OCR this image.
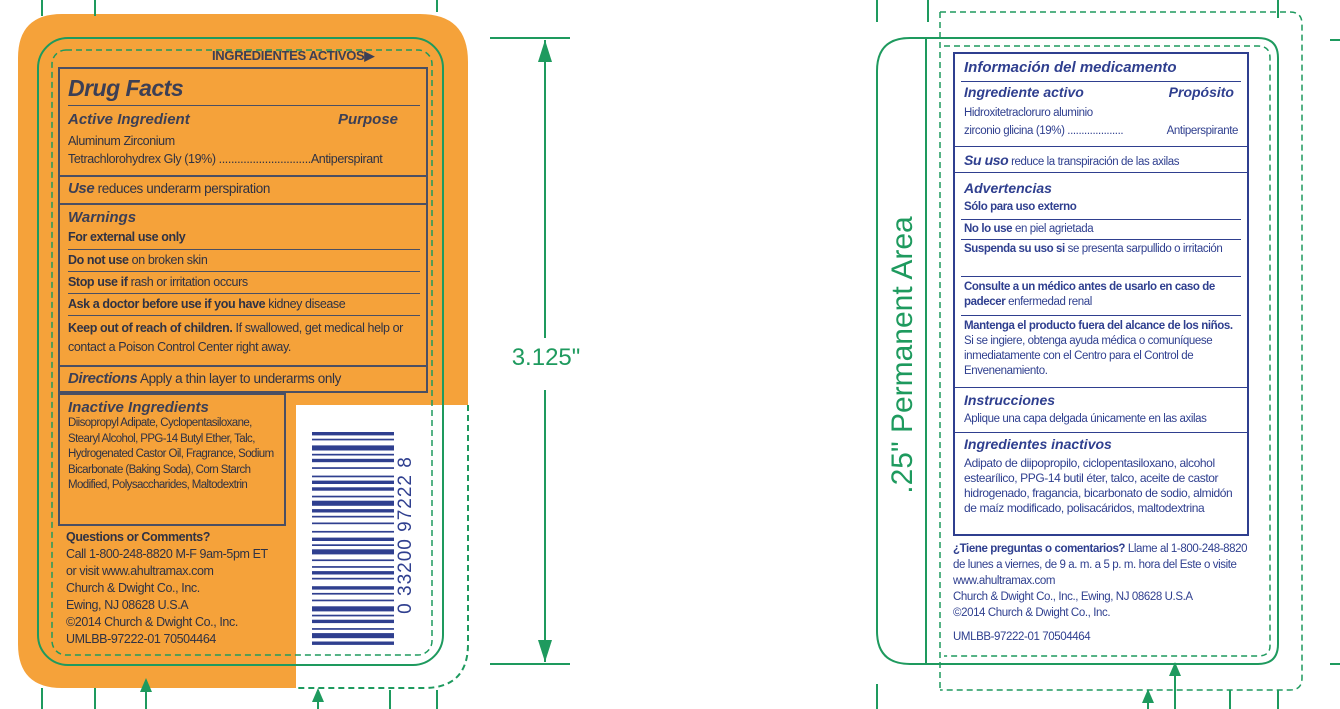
3.125"	.25" Permanent Area
INGREDIENTES ACTIVOS▶
Drug Facts
Active Ingredient	Purpose
Aluminum Zirconium
Tetrachlorohydrex Gly (19%) ..............................Antiperspirant
Use reduces underarm perspiration
Warnings
For external use only
Do not use on broken skin
Stop use if rash or irritation occurs
Ask a doctor before use if you have kidney disease
Keep out of reach of children. If swallowed, get medical help or contact a Poison Control Center right away.
Directions Apply a thin layer to underarms only
Inactive Ingredients
Diisopropyl Adipate, Cyclopentasiloxane, Stearyl Alcohol, PPG-14 Butyl Ether, Talc, Hydrogenated Castor Oil, Fragrance, Sodium Bicarbonate (Baking Soda), Corn Starch Modified, Polysaccharides, Maltodextrin
Questions or Comments?
Call 1-800-248-8820 M-F 9am-5pm ET
or visit www.ahultramax.com
Church & Dwight Co., Inc.
Ewing, NJ 08628 U.S.A
©2014 Church & Dwight Co., Inc.
UMLBB-97222-01 70504464
0 33200 97222 8
Información del medicamento
Ingrediente activo	Propósito
Hidroxitetracloruro aluminio
zirconio glicina (19%) ....................	Antiperspirante
Su uso reduce la transpiración de las axilas
Advertencias
Sólo para uso externo
No lo use en piel agrietada
Suspenda su uso si se presenta sarpullido o irritación
Consulte a un médico antes de usarlo en caso de padecer enfermedad renal
Mantenga el producto fuera del alcance de los niños. Si se ingiere, obtenga ayuda médica o comuníquese inmediatamente con el Centro para el Control de Envenenamiento.
Instrucciones
Aplique una capa delgada únicamente en las axilas
Ingredientes inactivos
Adipato de diipopropilo, ciclopentasiloxano, alcohol estearílico, PPG-14 butil éter, talco, aceite de castor hidrogenado, fragancia, bicarbonato de sodio, almidón de maíz modificado, polisacáridos, maltodextrina
¿Tiene preguntas o comentarios? Llame al 1-800-248-8820 de lunes a viernes, de 9 a. m. a 5 p. m. hora del Este o visite www.ahultramax.com
Church & Dwight Co., Inc., Ewing, NJ 08628 U.S.A
©2014 Church & Dwight Co., Inc.
UMLBB-97222-01 70504464
